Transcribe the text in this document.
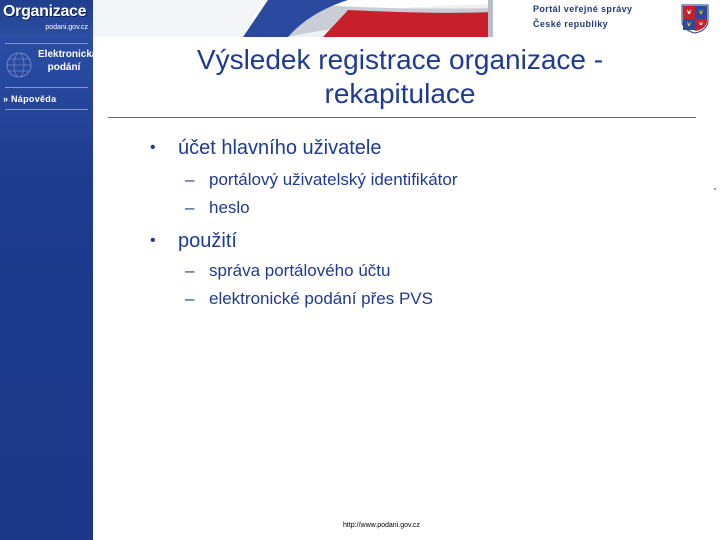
Organizace
podani.gov.cz
Portál veřejné správy
České republiky
Elektronická
podání
» Nápověda
Výsledek registrace organizace -
rekapitulace
• účet hlavního uživatele
– portálový uživatelský identifikátor
– heslo
• použití
– správa portálového účtu
– elektronické podání přes PVS
http://www.podani.gov.cz
